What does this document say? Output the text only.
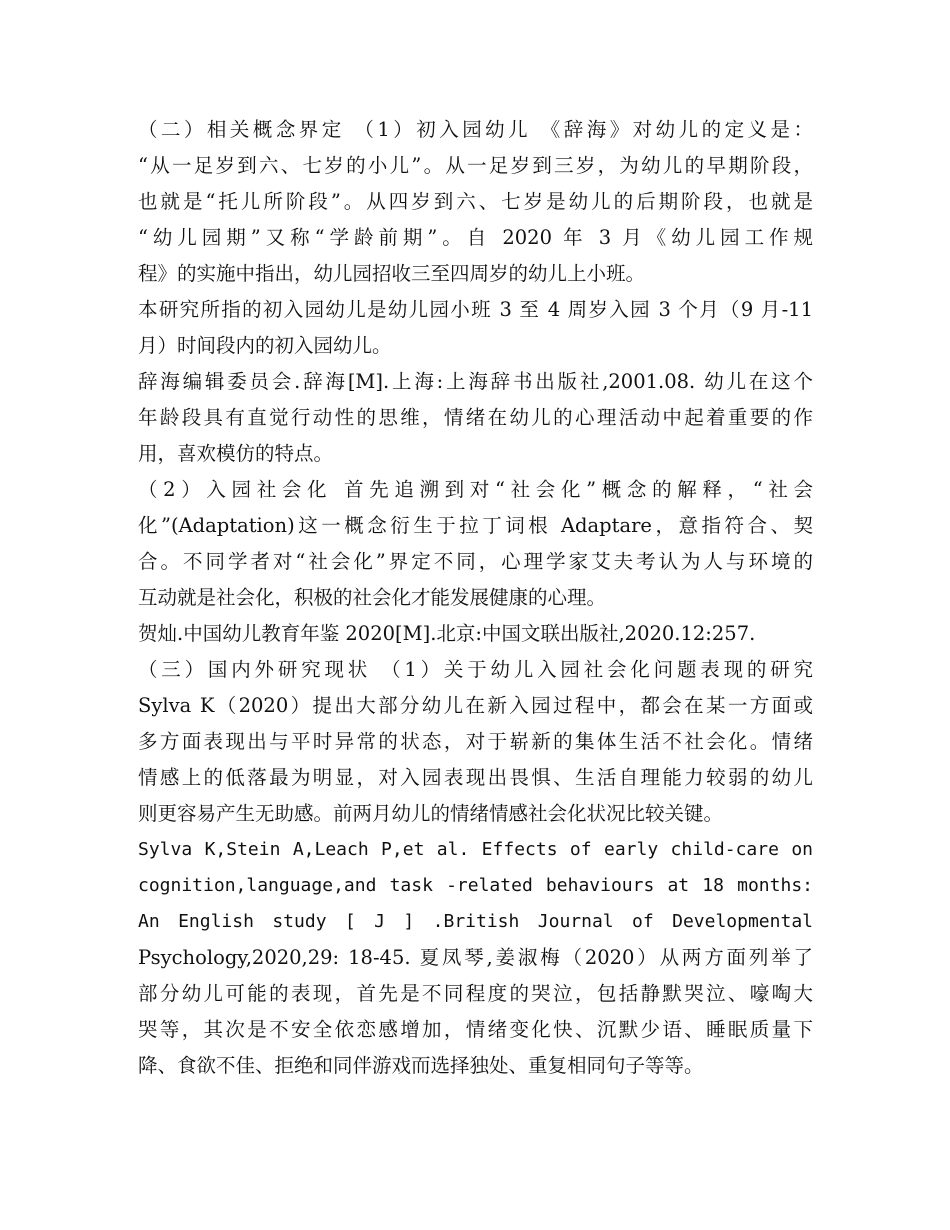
（二）相关概念界定 （1）初入园幼儿 《辞海》对幼儿的定义是：
“从一足岁到六、七岁的小儿”。从一足岁到三岁，为幼儿的早期阶段，
也就是“托儿所阶段”。从四岁到六、七岁是幼儿的后期阶段，也就是
“幼儿园期”又称“学龄前期”。自 2020 年 3 月《幼儿园工作规
程》的实施中指出，幼儿园招收三至四周岁的幼儿上小班。
本研究所指的初入园幼儿是幼儿园小班 3 至 4 周岁入园 3 个月（9 月-11
月）时间段内的初入园幼儿。
辞海编辑委员会.辞海[M].上海:上海辞书出版社,2001.08. 幼儿在这个
年龄段具有直觉行动性的思维，情绪在幼儿的心理活动中起着重要的作
用，喜欢模仿的特点。
（2）入园社会化 首先追溯到对“社会化”概念的解释，“社会
化”(Adaptation)这一概念衍生于拉丁词根 Adaptare，意指符合、契
合。不同学者对“社会化”界定不同，心理学家艾夫考认为人与环境的
互动就是社会化，积极的社会化才能发展健康的心理。
贺灿.中国幼儿教育年鉴 2020[M].北京:中国文联出版社,2020.12:257.
（三）国内外研究现状 （1）关于幼儿入园社会化问题表现的研究
Sylva K（2020）提出大部分幼儿在新入园过程中，都会在某一方面或
多方面表现出与平时异常的状态，对于崭新的集体生活不社会化。情绪
情感上的低落最为明显，对入园表现出畏惧、生活自理能力较弱的幼儿
则更容易产生无助感。前两月幼儿的情绪情感社会化状况比较关键。
Sylva K,Stein A,Leach P,et al. Effects of early child-care on
cognition,language,and task -related behaviours at 18 months:
An English study [ J ] .British Journal of Developmental
Psychology,2020,29: 18-45. 夏凤琴,姜淑梅（2020）从两方面列举了
部分幼儿可能的表现，首先是不同程度的哭泣，包括静默哭泣、嚎啕大
哭等，其次是不安全依恋感增加，情绪变化快、沉默少语、睡眠质量下
降、食欲不佳、拒绝和同伴游戏而选择独处、重复相同句子等等。
